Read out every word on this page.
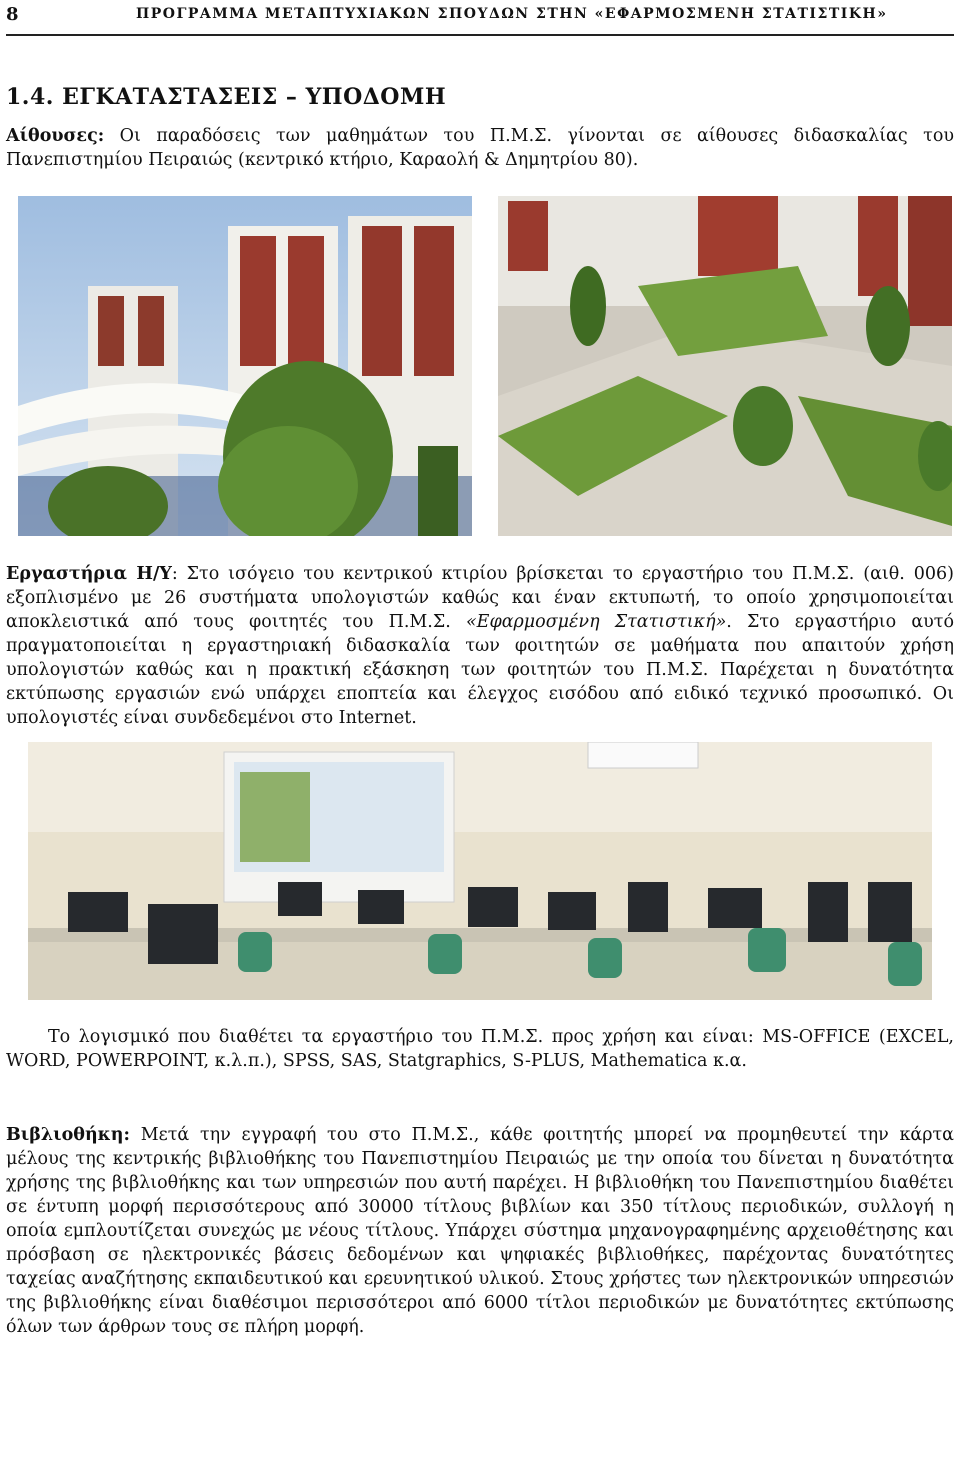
8	ΠΡΟΓΡΑΜΜΑ ΜΕΤΑΠΤΥΧΙΑΚΩΝ ΣΠΟΥΔΩΝ ΣΤΗΝ «ΕΦΑΡΜΟΣΜΕΝΗ ΣΤΑΤΙΣΤΙΚΗ»
1.4. ΕΓΚΑΤΑΣΤΑΣΕΙΣ – ΥΠΟΔΟΜΗ
Αίθουσες: Οι παραδόσεις των μαθημάτων του Π.Μ.Σ. γίνονται σε αίθουσες διδασκαλίας του Πανεπιστημίου Πειραιώς (κεντρικό κτήριο, Καραολή & Δημητρίου 80).
Εργαστήρια Η/Υ: Στο ισόγειο του κεντρικού κτιρίου βρίσκεται το εργαστήριο του Π.Μ.Σ. (αιθ. 006) εξοπλισμένο με 26 συστήματα υπολογιστών καθώς και έναν εκτυπωτή, το οποίο χρησιμοποιείται αποκλειστικά από τους φοιτητές του Π.Μ.Σ. «Εφαρμοσμένη Στατιστική». Στο εργαστήριο αυτό πραγματοποιείται η εργαστηριακή διδασκαλία των φοιτητών σε μαθήματα που απαιτούν χρήση υπολογιστών καθώς και η πρακτική εξάσκηση των φοιτητών του Π.Μ.Σ. Παρέχεται η δυνατότητα εκτύπωσης εργασιών ενώ υπάρχει εποπτεία και έλεγχος εισόδου από ειδικό τεχνικό προσωπικό. Οι υπολογιστές είναι συνδεδεμένοι στο Internet.
Το λογισμικό που διαθέτει τα εργαστήριο του Π.Μ.Σ. προς χρήση και είναι: MS-OFFICE (EXCEL, WORD, POWERPOINT, κ.λ.π.), SPSS, SAS, Statgraphics, S-PLUS, Mathematica κ.α.
Βιβλιοθήκη: Μετά την εγγραφή του στο Π.Μ.Σ., κάθε φοιτητής μπορεί να προμηθευτεί την κάρτα μέλους της κεντρικής βιβλιοθήκης του Πανεπιστημίου Πειραιώς με την οποία του δίνεται η δυνατότητα χρήσης της βιβλιοθήκης και των υπηρεσιών που αυτή παρέχει. Η βιβλιοθήκη του Πανεπιστημίου διαθέτει σε έντυπη μορφή περισσότερους από 30000 τίτλους βιβλίων και 350 τίτλους περιοδικών, συλλογή η οποία εμπλουτίζεται συνεχώς με νέους τίτλους. Υπάρχει σύστημα μηχανογραφημένης αρχειοθέτησης και πρόσβαση σε ηλεκτρονικές βάσεις δεδομένων και ψηφιακές βιβλιοθήκες, παρέχοντας δυνατότητες ταχείας αναζήτησης εκπαιδευτικού και ερευνητικού υλικού. Στους χρήστες των ηλεκτρονικών υπηρεσιών της βιβλιοθήκης είναι διαθέσιμοι περισσότεροι από 6000 τίτλοι περιοδικών με δυνατότητες εκτύπωσης όλων των άρθρων τους σε πλήρη μορφή.
